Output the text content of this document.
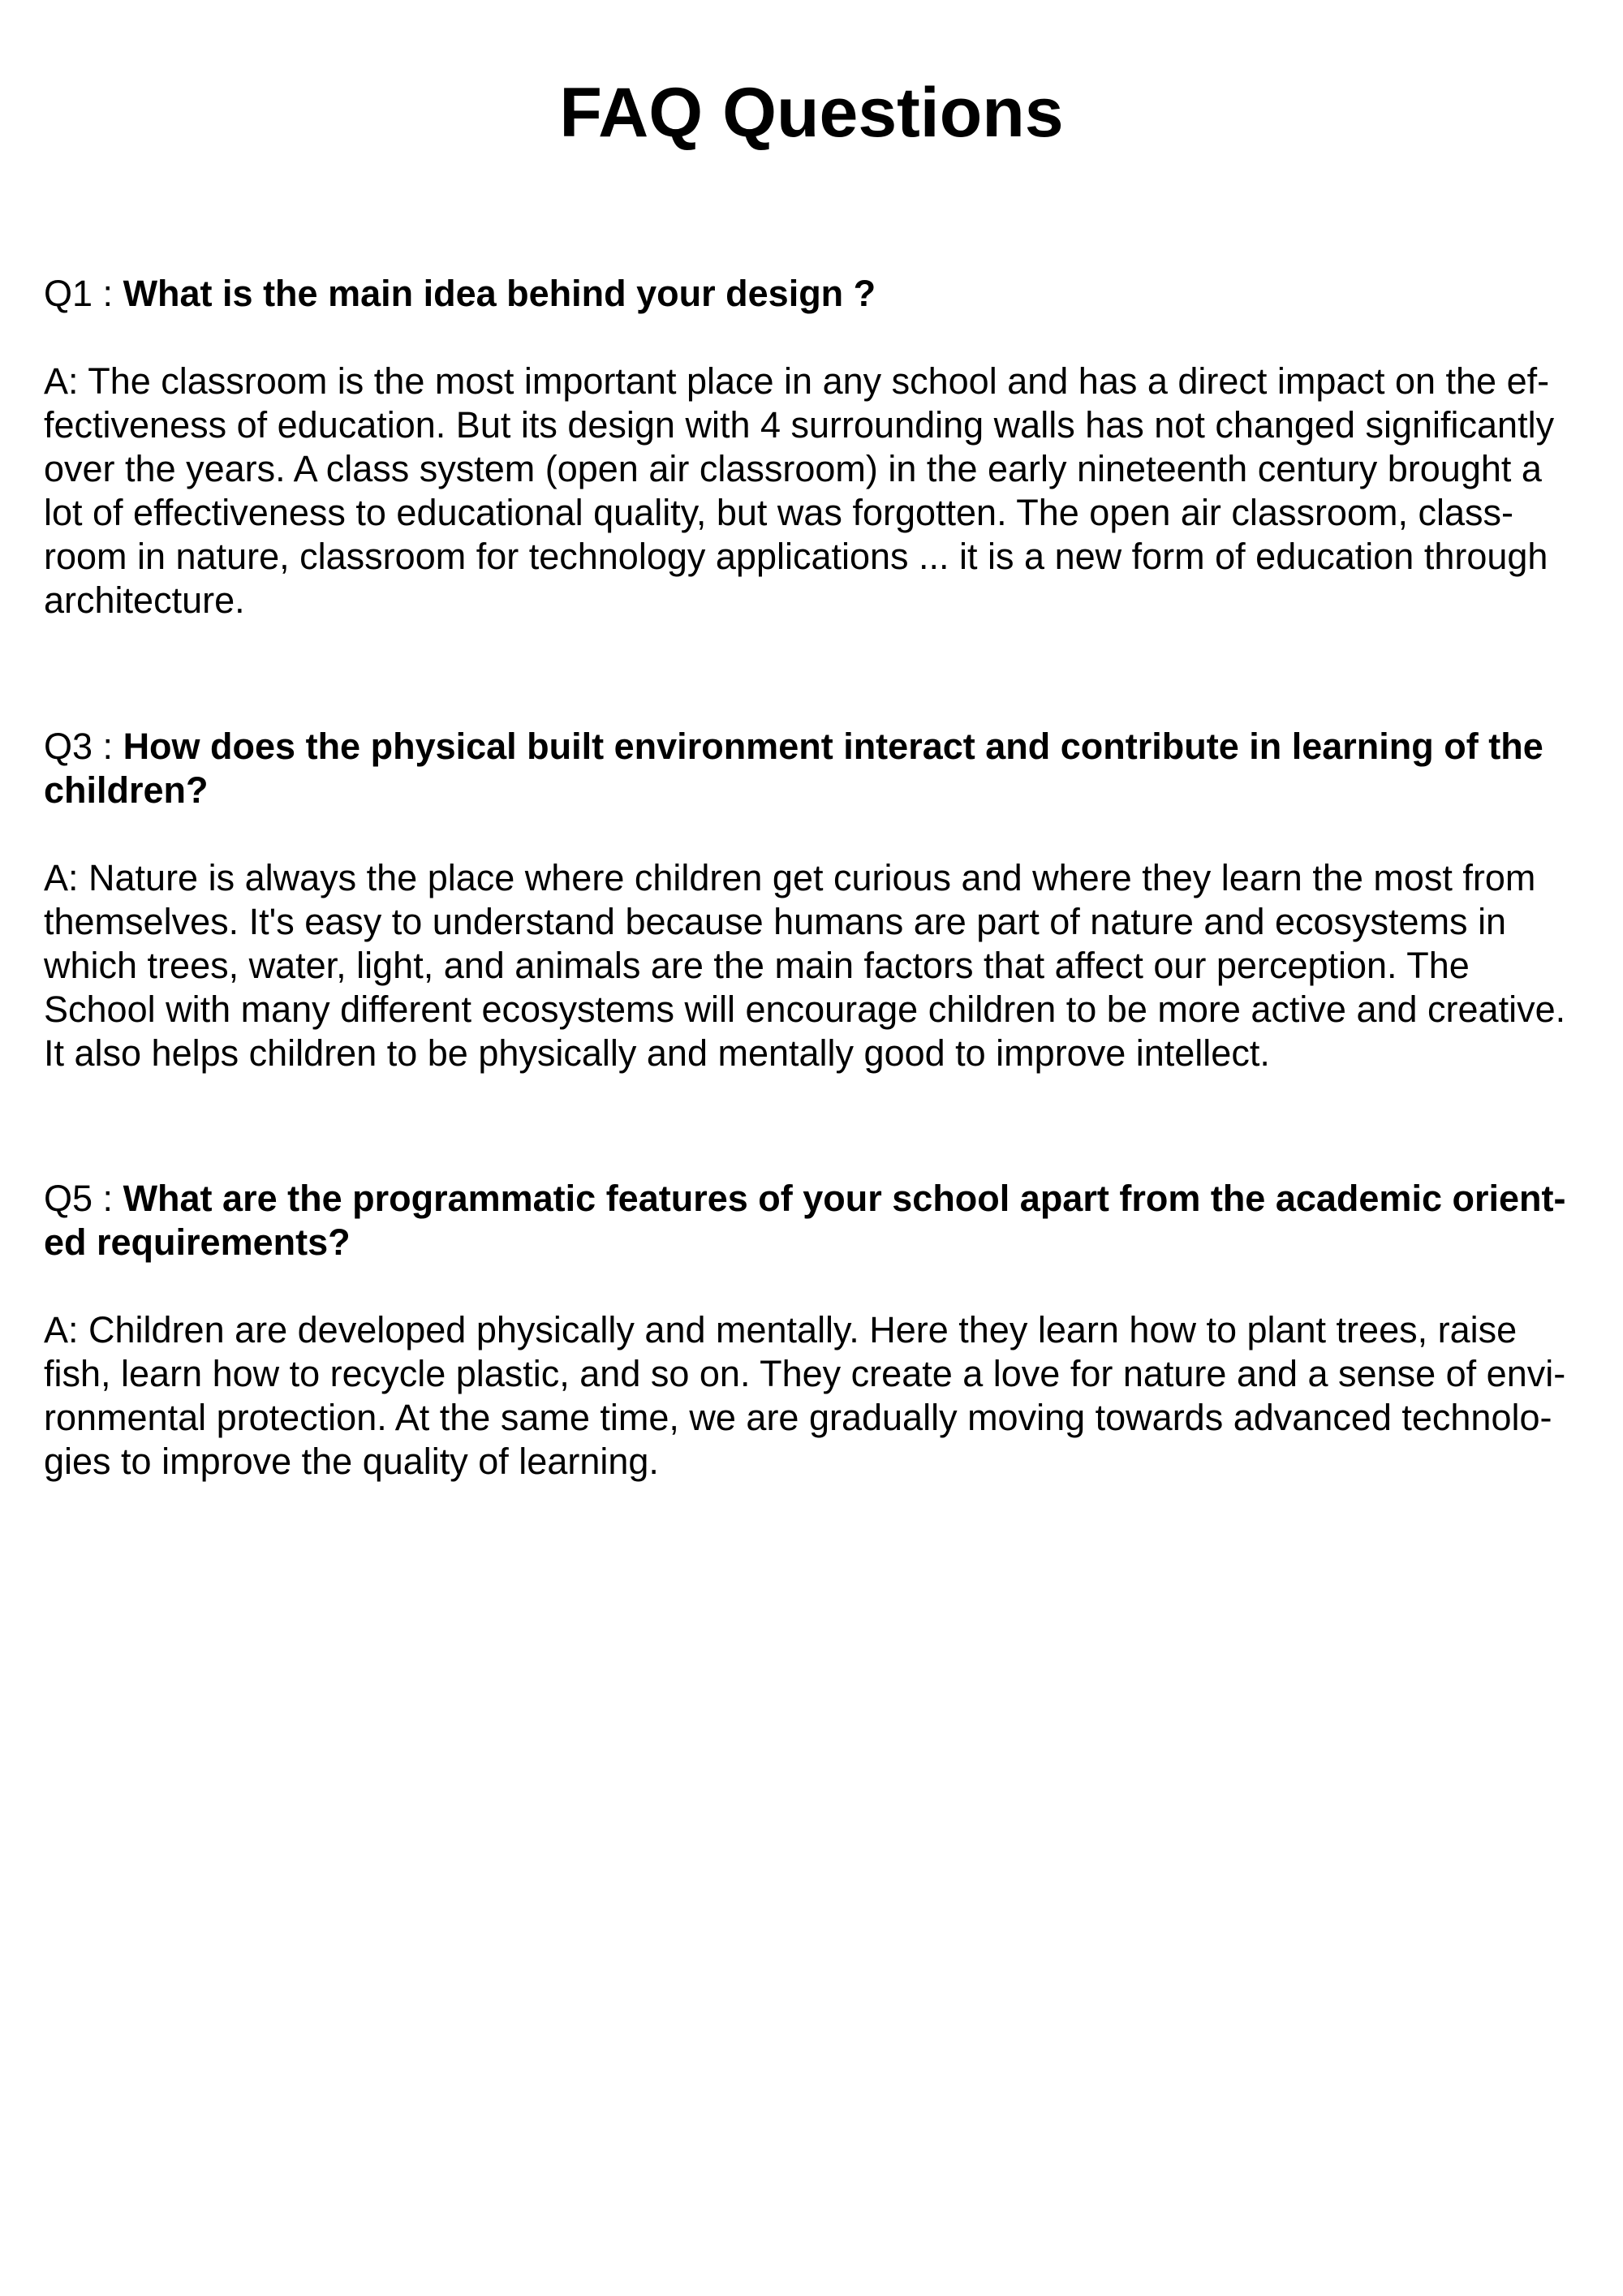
FAQ Questions

Q1 : What is the main idea behind your design ?

A: The classroom is the most important place in any school and has a direct impact on the ef-
fectiveness of education. But its design with 4 surrounding walls has not changed significantly
over the years. A class system (open air classroom) in the early nineteenth century brought a
lot of effectiveness to educational quality, but was forgotten. The open air classroom, class-
room in nature, classroom for technology applications ... it is a new form of education through
architecture.

Q3 : How does the physical built environment interact and contribute in learning of the
children?

A: Nature is always the place where children get curious and where they learn the most from
themselves. It's easy to understand because humans are part of nature and ecosystems in
which trees, water, light, and animals are the main factors that affect our perception. The
School with many different ecosystems will encourage children to be more active and creative.
It also helps children to be physically and mentally good to improve intellect.

Q5 : What are the programmatic features of your school apart from the academic orient-
ed requirements?

A: Children are developed physically and mentally. Here they learn how to plant trees, raise
fish, learn how to recycle plastic, and so on. They create a love for nature and a sense of envi-
ronmental protection. At the same time, we are gradually moving towards advanced technolo-
gies to improve the quality of learning.
